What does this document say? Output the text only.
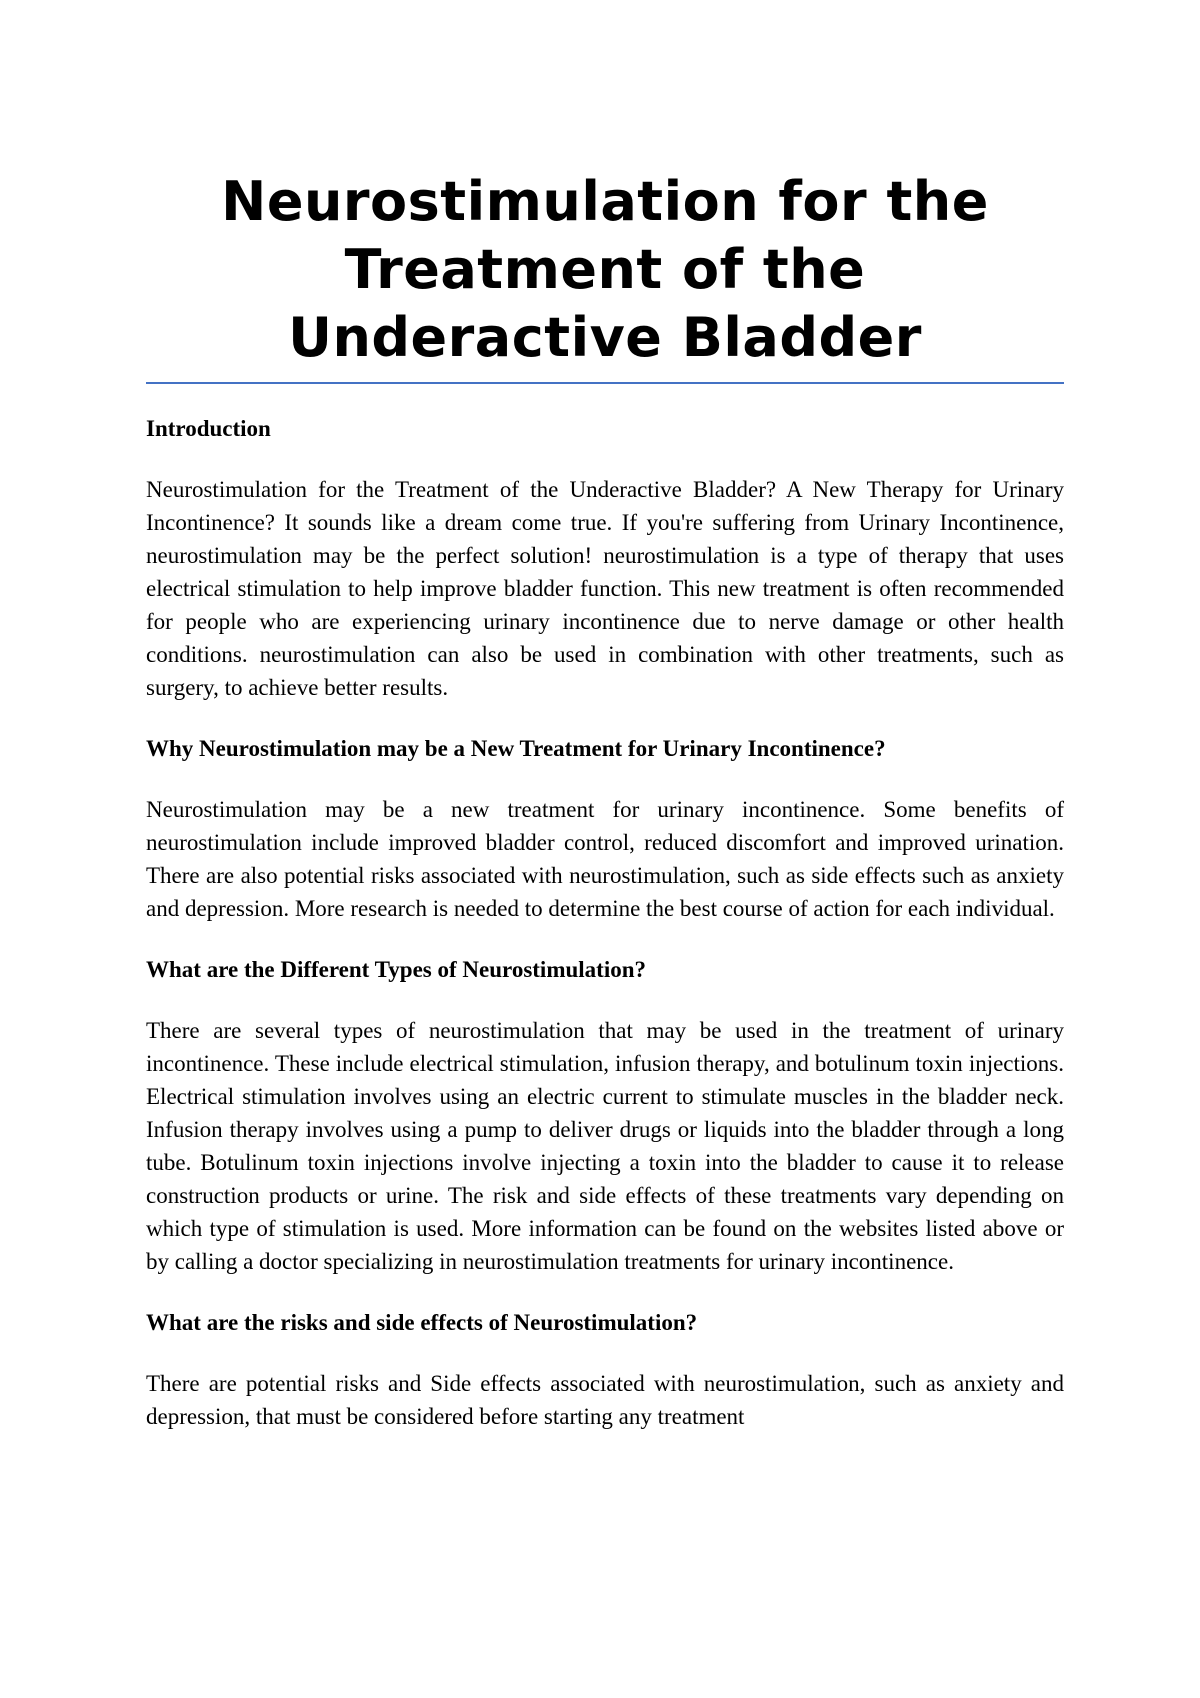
Neurostimulation for the
Treatment of the
Underactive Bladder

Introduction

Neurostimulation for the Treatment of the Underactive Bladder? A New Therapy for Urinary Incontinence? It sounds like a dream come true. If you're suffering from Urinary Incontinence, neurostimulation may be the perfect solution! neurostimulation is a type of therapy that uses electrical stimulation to help improve bladder function. This new treatment is often recommended for people who are experiencing urinary incontinence due to nerve damage or other health conditions. neurostimulation can also be used in combination with other treatments, such as surgery, to achieve better results.

Why Neurostimulation may be a New Treatment for Urinary Incontinence?

Neurostimulation may be a new treatment for urinary incontinence. Some benefits of neurostimulation include improved bladder control, reduced discomfort and improved urination. There are also potential risks associated with neurostimulation, such as side effects such as anxiety and depression. More research is needed to determine the best course of action for each individual.

What are the Different Types of Neurostimulation?

There are several types of neurostimulation that may be used in the treatment of urinary incontinence. These include electrical stimulation, infusion therapy, and botulinum toxin injections. Electrical stimulation involves using an electric current to stimulate muscles in the bladder neck. Infusion therapy involves using a pump to deliver drugs or liquids into the bladder through a long tube. Botulinum toxin injections involve injecting a toxin into the bladder to cause it to release construction products or urine. The risk and side effects of these treatments vary depending on which type of stimulation is used. More information can be found on the websites listed above or by calling a doctor specializing in neurostimulation treatments for urinary incontinence.

What are the risks and side effects of Neurostimulation?

There are potential risks and Side effects associated with neurostimulation, such as anxiety and depression, that must be considered before starting any treatment
